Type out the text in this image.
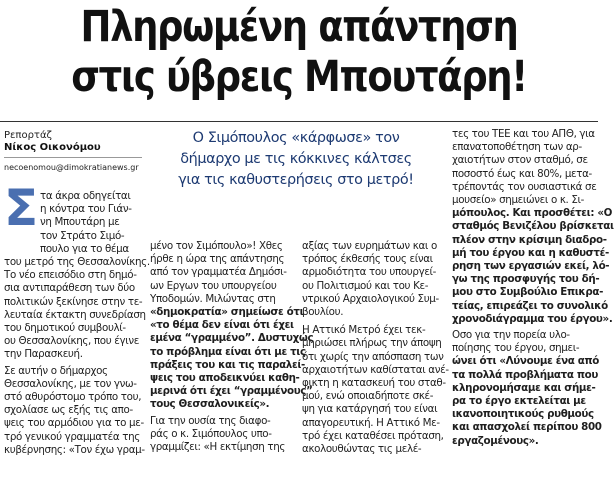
Πληρωμένη απάντηση
στις ύβρεις Μπουτάρη!
Ρεπορτάζ
Νίκος Οικονόμου
necoenomou@dimokratianews.gr
Ο Σιμόπουλος «κάρφωσε» τον
δήμαρχο με τις κόκκινες κάλτσες
για τις καθυστερήσεις στο μετρό!
Σ τα άκρα οδηγείται
η κόντρα του Γιάν-
νη Μπουτάρη με
τον Στράτο Σιμό-
πουλο για το θέμα
του μετρό της Θεσσαλονίκης.
Το νέο επεισόδιο στη δημό-
σια αντιπαράθεση των δύο
πολιτικών ξεκίνησε στην τε-
λευταία έκτακτη συνεδρίαση
του δημοτικού συμβουλί-
ου Θεσσαλονίκης, που έγινε
την Παρασκευή.
Σε αυτήν ο δήμαρχος
Θεσσαλονίκης, με τον γνω-
στό αθυρόστομο τρόπο του,
σχολίασε ως εξής τις απο-
ψεις του αρμόδιου για το με-
τρό γενικού γραμματέα της
κυβέρνησης: «Τον έχω γραμ-
μένο τον Σιμόπουλο»! Χθες
ήρθε η ώρα της απάντησης
από τον γραμματέα Δημόσι-
ων Εργων του υπουργείου
Υποδομών. Μιλώντας στη
«δημοκρατία» σημείωσε ότι
«το θέμα δεν είναι ότι έχει
εμένα “γραμμένο”. Δυστυχώς
το πρόβλημα είναι ότι με τις
πράξεις του και τις παραλεί-
ψεις του αποδεικνύει καθη-
μερινά ότι έχει “γραμμένους”
τους Θεσσαλονικείς».
Για την ουσία της διαφο-
ράς ο κ. Σιμόπουλος υπο-
γραμμίζει: «Η εκτίμηση της
αξίας των ευρημάτων και ο
τρόπος έκθεσής τους είναι
αρμοδιότητα του υπουργεί-
ου Πολιτισμού και του Κε-
ντρικού Αρχαιολογικού Συμ-
βουλίου.
Η Αττικό Μετρό έχει τεκ-
μηριώσει πλήρως την άποψη
ότι χωρίς την απόσπαση των
αρχαιοτήτων καθίσταται ανέ-
φικτη η κατασκευή του σταθ-
μού, ενώ οποιαδήποτε σκέ-
ψη για κατάργησή του είναι
απαγορευτική. Η Αττικό Με-
τρό έχει καταθέσει πρόταση,
ακολουθώντας τις μελέ-
τες του ΤΕΕ και του ΑΠΘ, για
επανατοποθέτηση των αρ-
χαιοτήτων στον σταθμό, σε
ποσοστό έως και 80%, μετα-
τρέποντάς τον ουσιαστικά σε
μουσείο» σημειώνει ο κ. Σι-
μόπουλος. Και προσθέτει: «Ο
σταθμός Βενιζέλου βρίσκεται
πλέον στην κρίσιμη διαδρο-
μή του έργου και η καθυστέ-
ρηση των εργασιών εκεί, λό-
γω της προσφυγής του δή-
μου στο Συμβούλιο Επικρα-
τείας, επιρεάζει το συνολικό
χρονοδιάγραμμα του έργου».
Οσο για την πορεία υλο-
ποίησης του έργου, σημει-
ώνει ότι «Λύνουμε ένα από
τα πολλά προβλήματα που
κληρονομήσαμε και σήμε-
ρα το έργο εκτελείται με
ικανοποιητικούς ρυθμούς
και απασχολεί περίπου 800
εργαζομένους».
